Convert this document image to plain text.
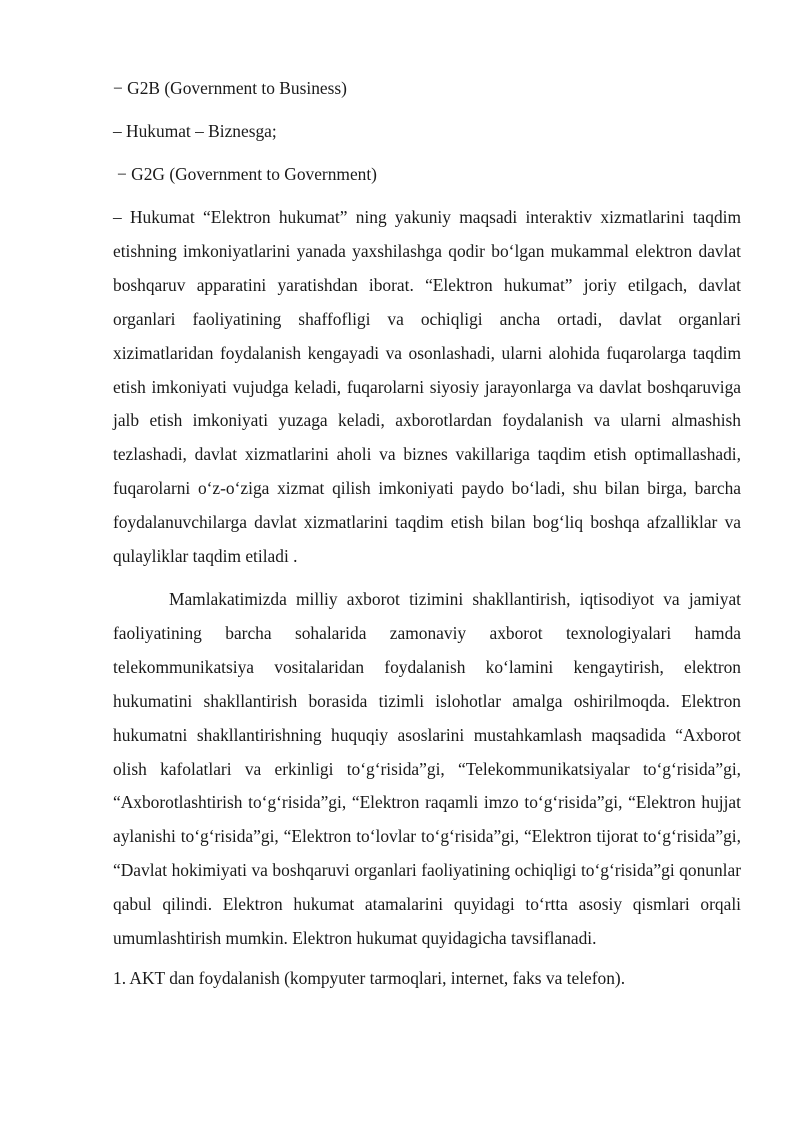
− G2B (Government to Business)

– Hukumat – Biznesga;

− G2G (Government to Government)

– Hukumat “Elektron hukumat” ning yakuniy maqsadi interaktiv xizmatlarini taqdim etishning imkoniyatlarini yanada yaxshilashga qodir bo‘lgan mukammal elektron davlat boshqaruv apparatini yaratishdan iborat. “Elektron hukumat” joriy etilgach, davlat organlari faoliyatining shaffofligi va ochiqligi ancha ortadi, davlat organlari xizimatlaridan foydalanish kengayadi va osonlashadi, ularni alohida fuqarolarga taqdim etish imkoniyati vujudga keladi, fuqarolarni siyosiy jarayonlarga va davlat boshqaruviga jalb etish imkoniyati yuzaga keladi, axborotlardan foydalanish va ularni almashish tezlashadi, davlat xizmatlarini aholi va biznes vakillariga taqdim etish optimallashadi, fuqarolarni o‘z-o‘ziga xizmat qilish imkoniyati paydo bo‘ladi, shu bilan birga, barcha foydalanuvchilarga davlat xizmatlarini taqdim etish bilan bog‘liq boshqa afzalliklar va qulayliklar taqdim etiladi .

Mamlakatimizda milliy axborot tizimini shakllantirish, iqtisodiyot va jamiyat faoliyatining barcha sohalarida zamonaviy axborot texnologiyalari hamda telekommunikatsiya vositalaridan foydalanish ko‘lamini kengaytirish, elektron hukumatini shakllantirish borasida tizimli islohotlar amalga oshirilmoqda. Elektron hukumatni shakllantirishning huquqiy asoslarini mustahkamlash maqsadida “Axborot olish kafolatlari va erkinligi to‘g‘risida”gi, “Telekommunikatsiyalar to‘g‘risida”gi, “Axborotlashtirish to‘g‘risida”gi, “Elektron raqamli imzo to‘g‘risida”gi, “Elektron hujjat aylanishi to‘g‘risida”gi, “Elektron to‘lovlar to‘g‘risida”gi, “Elektron tijorat to‘g‘risida”gi, “Davlat hokimiyati va boshqaruvi organlari faoliyatining ochiqligi to‘g‘risida”gi qonunlar qabul qilindi. Elektron hukumat atamalarini quyidagi to‘rtta asosiy qismlari orqali umumlashtirish mumkin. Elektron hukumat quyidagicha tavsiflanadi.

1. AKT dan foydalanish (kompyuter tarmoqlari, internet, faks va telefon).
